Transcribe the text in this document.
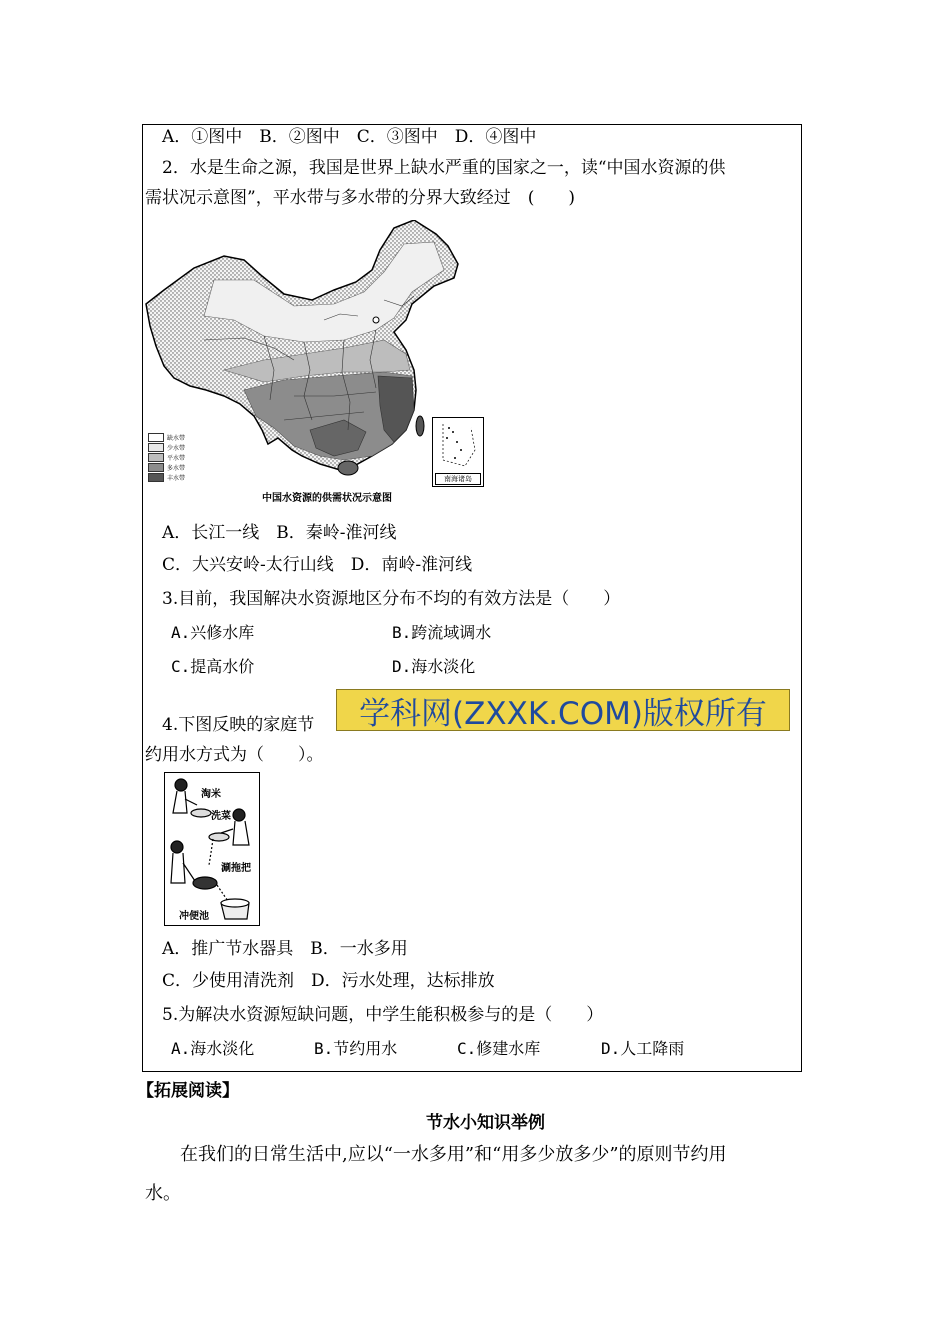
A．①图中　B．②图中　C．③图中　D．④图中
2．水是生命之源，我国是世界上缺水严重的国家之一，读“中国水资源的供
需状况示意图”，平水带与多水带的分界大致经过　(　　)
缺水带
少水带
平水带
多水带
丰水带	南海诸岛
中国水资源的供需状况示意图
A．长江一线　B．秦岭-淮河线
C．大兴安岭-太行山线　D．南岭-淮河线
3.目前，我国解决水资源地区分布不均的有效方法是（　　）
A.兴修水库	B.跨流域调水
C.提高水价	D.海水淡化
4.下图反映的家庭节
约用水方式为（　　）。
学科网(ZXXK.COM)版权所有
淘米
洗菜
涮拖把
冲便池
A．推广节水器具　B．一水多用
C．少使用清洗剂　D．污水处理，达标排放
5.为解决水资源短缺问题，中学生能积极参与的是（　　）
A.海水淡化	B.节约用水	C.修建水库	D.人工降雨
【拓展阅读】
节水小知识举例
在我们的日常生活中,应以“一水多用”和“用多少放多少”的原则节约用
水。
